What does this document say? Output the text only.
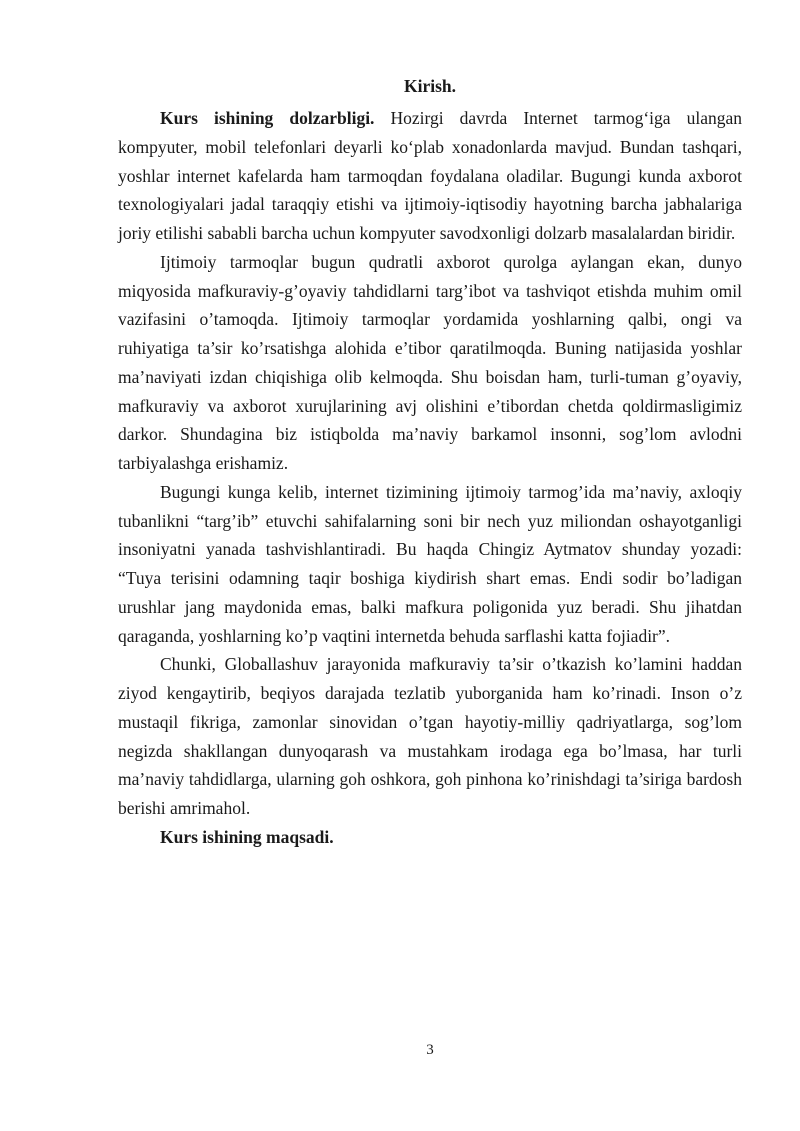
Kirish.

Kurs ishining dolzarbligi. Hozirgi davrda Internet tarmog‘iga ulangan kompyuter, mobil telefonlari deyarli ko‘plab xonadonlarda mavjud. Bundan tashqari, yoshlar internet kafelarda ham tarmoqdan foydalana oladilar. Bugungi kunda axborot texnologiyalari jadal taraqqiy etishi va ijtimoiy-iqtisodiy hayotning barcha jabhalariga joriy etilishi sababli barcha uchun kompyuter savodxonligi dolzarb masalalardan biridir.

Ijtimoiy tarmoqlar bugun qudratli axborot qurolga aylangan ekan, dunyo miqyosida mafkuraviy-g’oyaviy tahdidlarni targ’ibot va tashviqot etishda muhim omil vazifasini o’tamoqda. Ijtimoiy tarmoqlar yordamida yoshlarning qalbi, ongi va ruhiyatiga ta’sir ko’rsatishga alohida e’tibor qaratilmoqda. Buning natijasida yoshlar ma’naviyati izdan chiqishiga olib kelmoqda. Shu boisdan ham, turli-tuman g’oyaviy, mafkuraviy va axborot xurujlarining avj olishini e’tibordan chetda qoldirmasligimiz darkor. Shundagina biz istiqbolda ma’naviy barkamol insonni, sog’lom avlodni tarbiyalashga erishamiz.

Bugungi kunga kelib, internet tizimining ijtimoiy tarmog’ida ma’naviy, axloqiy tubanlikni “targ’ib” etuvchi sahifalarning soni bir nech yuz miliondan oshayotganligi insoniyatni yanada tashvishlantiradi. Bu haqda Chingiz Aytmatov shunday yozadi: “Tuya terisini odamning taqir boshiga kiydirish shart emas. Endi sodir bo’ladigan urushlar jang maydonida emas, balki mafkura poligonida yuz beradi. Shu jihatdan qaraganda, yoshlarning ko’p vaqtini internetda behuda sarflashi katta fojiadir”.

Chunki, Globallashuv jarayonida mafkuraviy ta’sir o’tkazish ko’lamini haddan ziyod kengaytirib, beqiyos darajada tezlatib yuborganida ham ko’rinadi. Inson o’z mustaqil fikriga, zamonlar sinovidan o’tgan hayotiy-milliy qadriyatlarga, sog’lom negizda shakllangan dunyoqarash va mustahkam irodaga ega bo’lmasa, har turli ma’naviy tahdidlarga, ularning goh oshkora, goh pinhona ko’rinishdagi ta’siriga bardosh berishi amrimahol.

Kurs ishining maqsadi.

3
